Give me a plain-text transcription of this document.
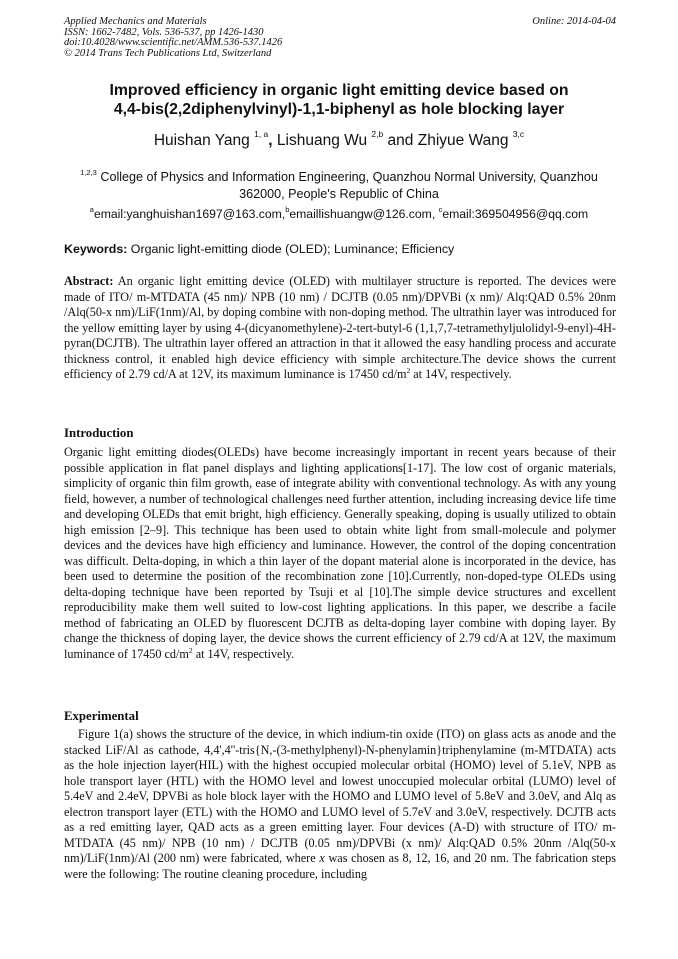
Applied Mechanics and Materials
ISSN: 1662-7482, Vols. 536-537, pp 1426-1430
doi:10.4028/www.scientific.net/AMM.536-537.1426
© 2014 Trans Tech Publications Ltd, Switzerland
Online: 2014-04-04
Improved efficiency in organic light emitting device based on
4,4-bis(2,2diphenylvinyl)-1,1-biphenyl as hole blocking layer
Huishan Yang $^{1, a}$, Lishuang Wu $^{2,b}$ and Zhiyue Wang $^{3,c}$
$^{1,2,3}$ College of Physics and Information Engineering, Quanzhou Normal University, Quanzhou 362000, People's Republic of China
$^a$email:yanghuishan1697@163.com,$^b$emaillishuangw@126.com, $^c$email:369504956@qq.com
Keywords: Organic light-emitting diode (OLED); Luminance; Efficiency
Abstract: An organic light emitting device (OLED) with multilayer structure is reported. The devices were made of ITO/ m-MTDATA (45 nm)/ NPB (10 nm) / DCJTB (0.05 nm)/DPVBi (x nm)/ Alq:QAD 0.5% 20nm /Alq(50-x nm)/LiF(1nm)/Al, by doping combine with non-doping method. The ultrathin layer was introduced for the yellow emitting layer by using 4-(dicyanomethylene)-2-tert-butyl-6 (1,1,7,7-tetramethyljulolidyl-9-enyl)-4H-pyran(DCJTB). The ultrathin layer offered an attraction in that it allowed the easy handling process and accurate thickness control, it enabled high device efficiency with simple architecture.The device shows the current efficiency of 2.79 cd/A at 12V, its maximum luminance is 17450 $cd/m^2$ at 14V, respectively.
Introduction
Organic light emitting diodes(OLEDs) have become increasingly important in recent years because of their possible application in flat panel displays and lighting applications[1-17]. The low cost of organic materials, simplicity of organic thin film growth, ease of integrate ability with conventional technology. As with any young field, however, a number of technological challenges need further attention, including increasing device life time and developing OLEDs that emit bright, high efficiency. Generally speaking, doping is usually utilized to obtain high emission [2–9]. This technique has been used to obtain white light from small-molecule and polymer devices and the devices have high efficiency and luminance. However, the control of the doping concentration was difficult. Delta-doping, in which a thin layer of the dopant material alone is incorporated in the device, has been used to determine the position of the recombination zone [10].Currently, non-doped-type OLEDs using delta-doping technique have been reported by Tsuji et al [10].The simple device structures and excellent reproducibility make them well suited to low-cost lighting applications. In this paper, we describe a facile method of fabricating an OLED by fluorescent DCJTB as delta-doping layer combine with doping layer. By change the thickness of doping layer, the device shows the current efficiency of 2.79 cd/A at 12V, the maximum luminance of 17450 $cd/m^2$ at 14V, respectively.
Experimental
Figure 1(a) shows the structure of the device, in which indium-tin oxide (ITO) on glass acts as anode and the stacked LiF/Al as cathode, 4,4',4''-tris{N,-(3-methylphenyl)-N-phenylamin}triphenylamine (m-MTDATA) acts as the hole injection layer(HIL) with the highest occupied molecular orbital (HOMO) level of 5.1eV, NPB as hole transport layer (HTL) with the HOMO level and lowest unoccupied molecular orbital (LUMO) level of 5.4eV and 2.4eV, DPVBi as hole block layer with the HOMO and LUMO level of 5.8eV and 3.0eV, and Alq as electron transport layer (ETL) with the HOMO and LUMO level of 5.7eV and 3.0eV, respectively. DCJTB acts as a red emitting layer, QAD acts as a green emitting layer. Four devices (A-D) with structure of ITO/ m-MTDATA (45 nm)/ NPB (10 nm) / DCJTB (0.05 nm)/DPVBi (x nm)/ Alq:QAD 0.5% 20nm /Alq(50-x nm)/LiF(1nm)/Al (200 nm) were fabricated, where x was chosen as 8, 12, 16, and 20 nm. The fabrication steps were the following: The routine cleaning procedure, including
